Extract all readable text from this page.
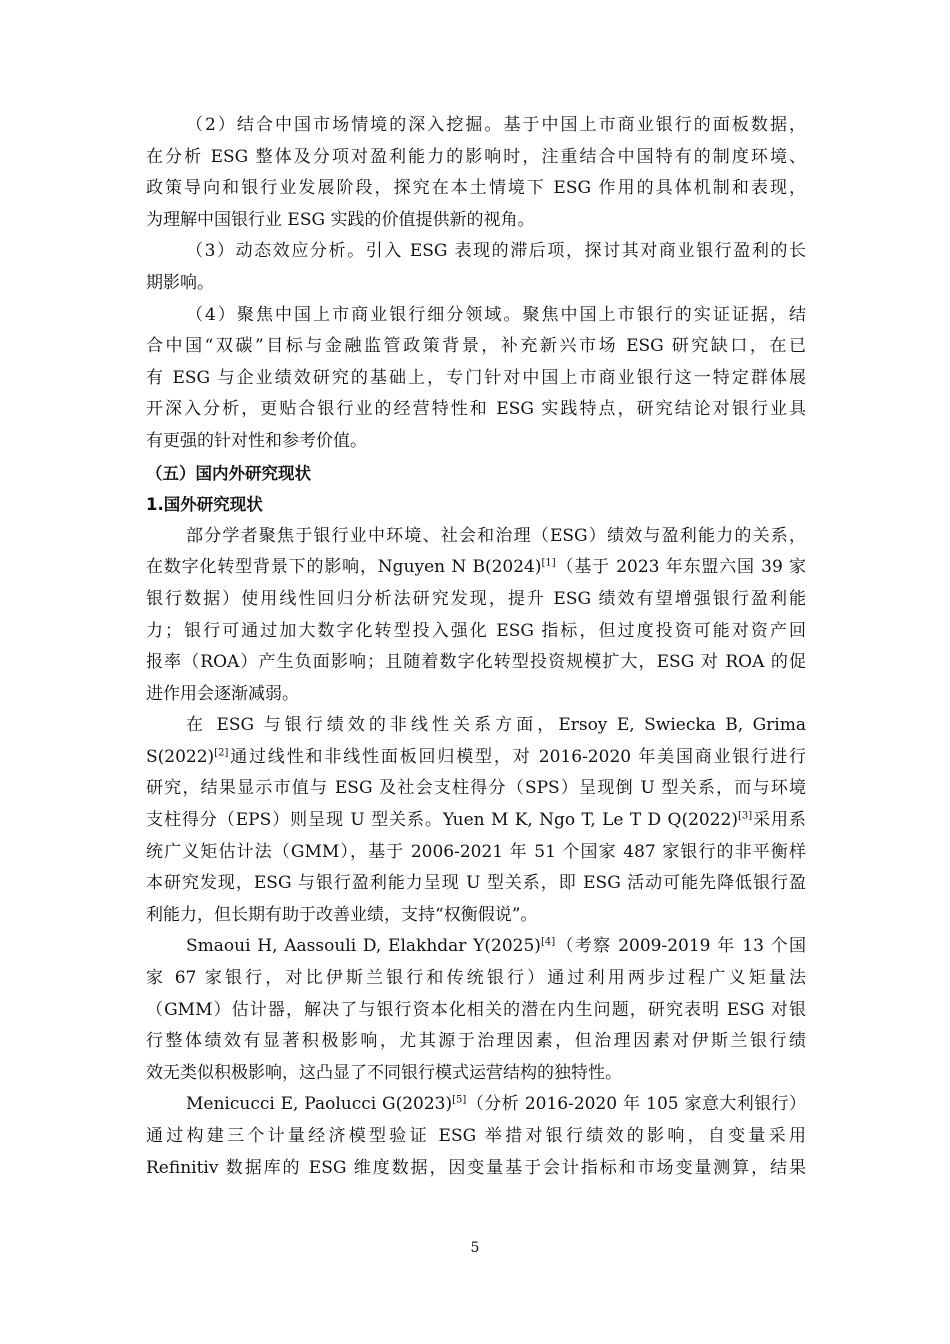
（2）结合中国市场情境的深入挖掘。基于中国上市商业银行的面板数据，
在分析 ESG 整体及分项对盈利能力的影响时，注重结合中国特有的制度环境、
政策导向和银行业发展阶段，探究在本土情境下 ESG 作用的具体机制和表现，
为理解中国银行业 ESG 实践的价值提供新的视角。
（3）动态效应分析。引入 ESG 表现的滞后项，探讨其对商业银行盈利的长
期影响。
（4）聚焦中国上市商业银行细分领域。聚焦中国上市银行的实证证据，结
合中国“双碳”目标与金融监管政策背景，补充新兴市场 ESG 研究缺口，在已
有 ESG 与企业绩效研究的基础上，专门针对中国上市商业银行这一特定群体展
开深入分析，更贴合银行业的经营特性和 ESG 实践特点，研究结论对银行业具
有更强的针对性和参考价值。
（五）国内外研究现状
1.国外研究现状
部分学者聚焦于银行业中环境、社会和治理（ESG）绩效与盈利能力的关系，
在数字化转型背景下的影响，Nguyen N B(2024)[1]（基于 2023 年东盟六国 39 家
银行数据）使用线性回归分析法研究发现，提升 ESG 绩效有望增强银行盈利能
力；银行可通过加大数字化转型投入强化 ESG 指标，但过度投资可能对资产回
报率（ROA）产生负面影响；且随着数字化转型投资规模扩大，ESG 对 ROA 的促
进作用会逐渐减弱。
在 ESG 与银行绩效的非线性关系方面，Ersoy E, Swiecka B, Grima
S(2022)[2]通过线性和非线性面板回归模型，对 2016-2020 年美国商业银行进行
研究，结果显示市值与 ESG 及社会支柱得分（SPS）呈现倒 U 型关系，而与环境
支柱得分（EPS）则呈现 U 型关系。Yuen M K, Ngo T, Le T D Q(2022)[3]采用系
统广义矩估计法（GMM），基于 2006-2021 年 51 个国家 487 家银行的非平衡样
本研究发现，ESG 与银行盈利能力呈现 U 型关系，即 ESG 活动可能先降低银行盈
利能力，但长期有助于改善业绩，支持“权衡假说”。
Smaoui H, Aassouli D, Elakhdar Y(2025)[4]（考察 2009-2019 年 13 个国
家 67 家银行，对比伊斯兰银行和传统银行）通过利用两步过程广义矩量法
（GMM）估计器，解决了与银行资本化相关的潜在内生问题，研究表明 ESG 对银
行整体绩效有显著积极影响，尤其源于治理因素，但治理因素对伊斯兰银行绩
效无类似积极影响，这凸显了不同银行模式运营结构的独特性。
Menicucci E, Paolucci G(2023)[5]（分析 2016-2020 年 105 家意大利银行）
通过构建三个计量经济模型验证 ESG 举措对银行绩效的影响，自变量采用
Refinitiv 数据库的 ESG 维度数据，因变量基于会计指标和市场变量测算，结果
5
